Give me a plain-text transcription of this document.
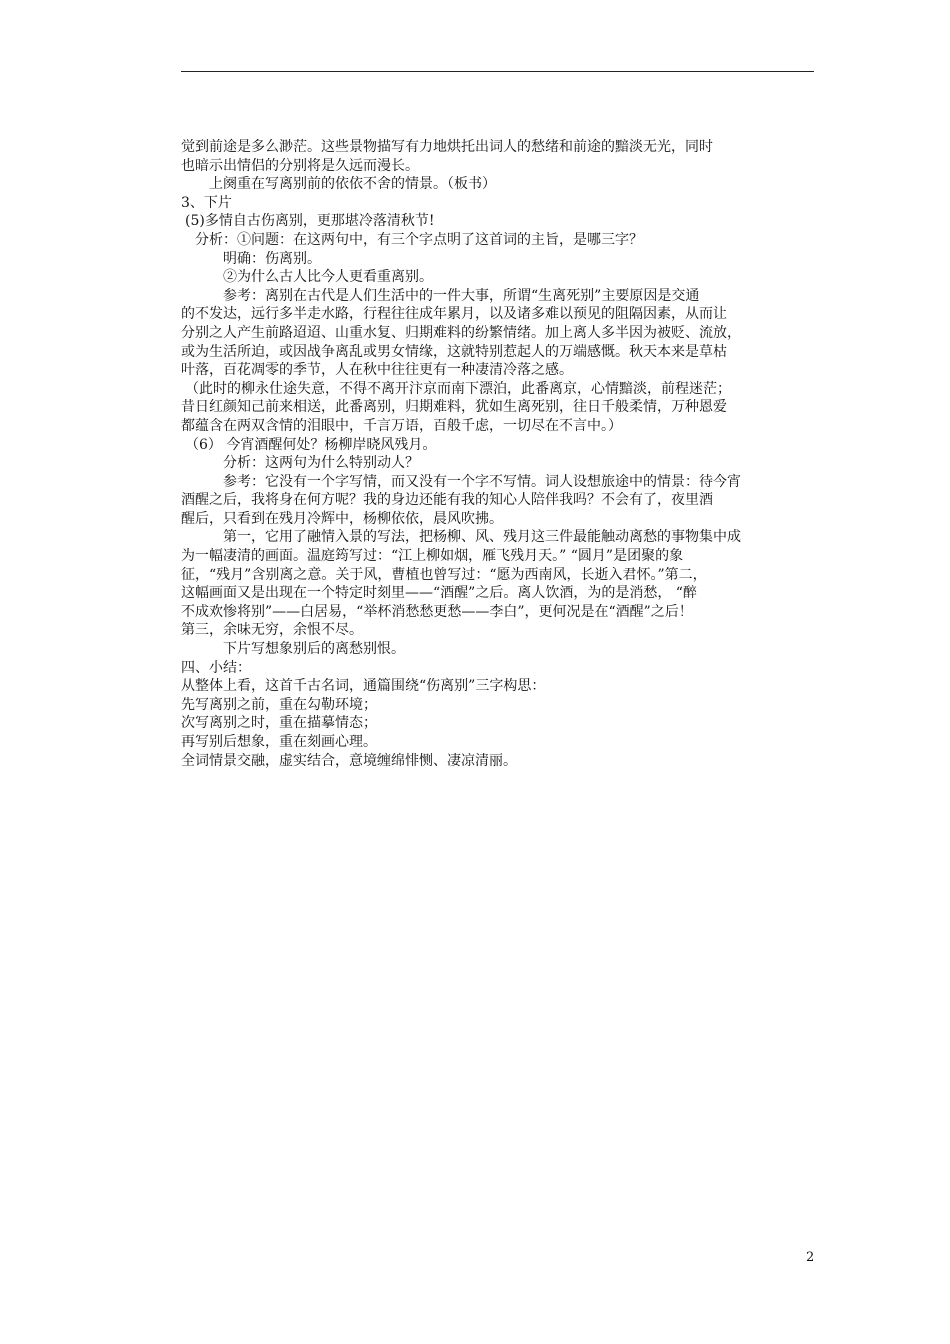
觉到前途是多么渺茫。这些景物描写有力地烘托出词人的愁绪和前途的黯淡无光，同时
也暗示出情侣的分别将是久远而漫长。
上阕重在写离别前的依依不舍的情景。（板书）
3、下片
(5)多情自古伤离别，更那堪冷落清秋节!
分析：①问题：在这两句中，有三个字点明了这首词的主旨，是哪三字？
明确：伤离别。
②为什么古人比今人更看重离别。
参考：离别在古代是人们生活中的一件大事，所谓“生离死别”主要原因是交通
的不发达，远行多半走水路，行程往往成年累月，以及诸多难以预见的阻隔因素，从而让
分别之人产生前路迢迢、山重水复、归期难料的纷繁情绪。加上离人多半因为被贬、流放，
或为生活所迫，或因战争离乱或男女情缘，这就特别惹起人的万端感慨。秋天本来是草枯
叶落，百花凋零的季节，人在秋中往往更有一种凄清冷落之感。
（此时的柳永仕途失意，不得不离开汴京而南下漂泊，此番离京，心情黯淡，前程迷茫；
昔日红颜知己前来相送，此番离别，归期难料，犹如生离死别，往日千般柔情，万种恩爱
都蕴含在两双含情的泪眼中，千言万语，百般千虑，一切尽在不言中。）
（6） 今宵酒醒何处？杨柳岸晓风残月。
分析：这两句为什么特别动人？
参考：它没有一个字写情，而又没有一个字不写情。词人设想旅途中的情景：待今宵
酒醒之后，我将身在何方呢？我的身边还能有我的知心人陪伴我吗？不会有了，夜里酒
醒后，只看到在残月冷辉中，杨柳依依，晨风吹拂。
第一，它用了融情入景的写法，把杨柳、风、残月这三件最能触动离愁的事物集中成
为一幅凄清的画面。温庭筠写过：“江上柳如烟，雁飞残月天。” “圆月”是团聚的象
征，“残月”含别离之意。关于风，曹植也曾写过：“愿为西南风，长逝入君怀。”第二，
这幅画面又是出现在一个特定时刻里——“酒醒”之后。离人饮酒，为的是消愁， “醉
不成欢惨将别”——白居易，“举杯消愁愁更愁——李白”，更何况是在“酒醒”之后！
第三，余味无穷，余恨不尽。
下片写想象别后的离愁别恨。
四、小结：
从整体上看，这首千古名词，通篇围绕“伤离别”三字构思：
先写离别之前，重在勾勒环境；
次写离别之时，重在描摹情态；
再写别后想象，重在刻画心理。
全词情景交融，虚实结合，意境缠绵悱恻、凄凉清丽。
2
